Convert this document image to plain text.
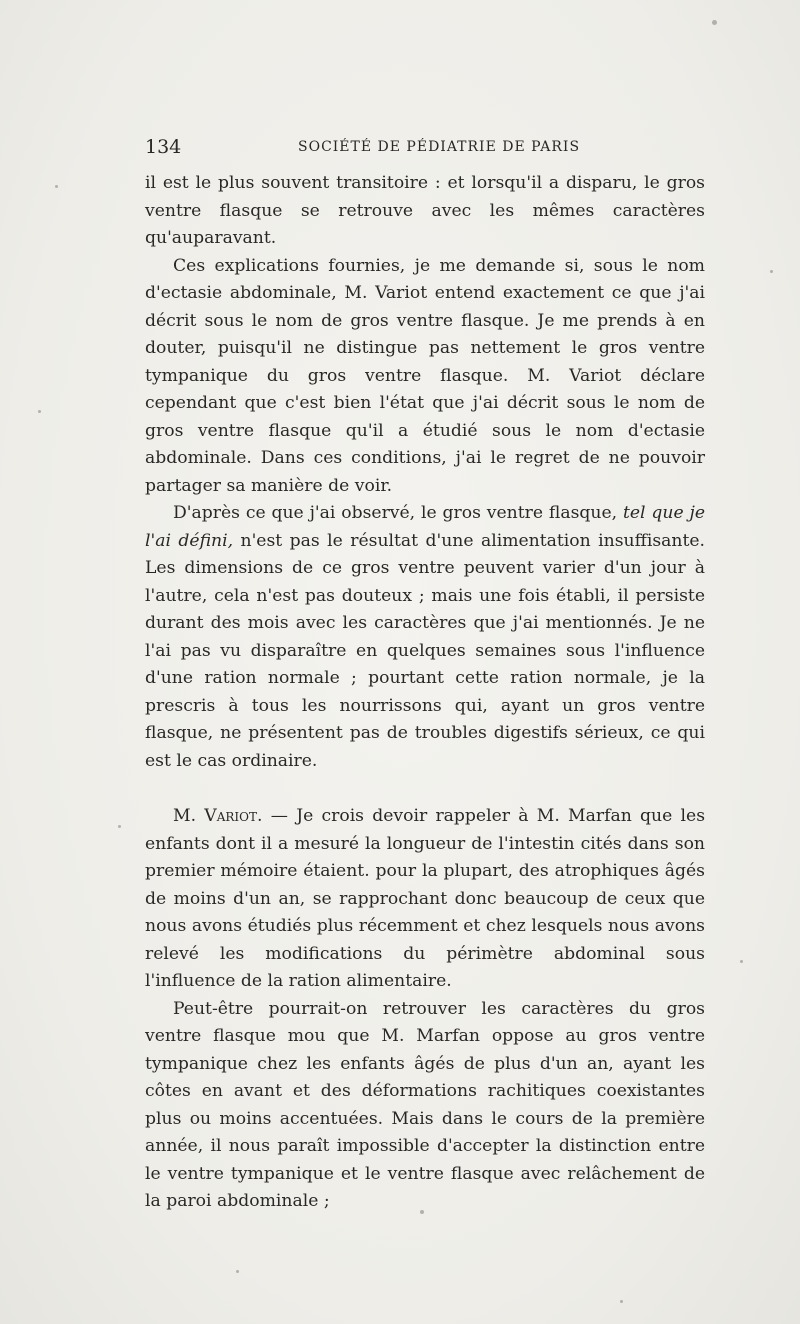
134	SOCIÉTÉ DE PÉDIATRIE DE PARIS

il est le plus souvent transitoire : et lorsqu'il a disparu, le gros ventre flasque se retrouve avec les mêmes caractères qu'auparavant.

Ces explications fournies, je me demande si, sous le nom d'ectasie abdominale, M. Variot entend exactement ce que j'ai décrit sous le nom de gros ventre flasque. Je me prends à en douter, puisqu'il ne distingue pas nettement le gros ventre tympanique du gros ventre flasque. M. Variot déclare cependant que c'est bien l'état que j'ai décrit sous le nom de gros ventre flasque qu'il a étudié sous le nom d'ectasie abdominale. Dans ces conditions, j'ai le regret de ne pouvoir partager sa manière de voir.

D'après ce que j'ai observé, le gros ventre flasque, tel que je l'ai défini, n'est pas le résultat d'une alimentation insuffisante. Les dimensions de ce gros ventre peuvent varier d'un jour à l'autre, cela n'est pas douteux ; mais une fois établi, il persiste durant des mois avec les caractères que j'ai mentionnés. Je ne l'ai pas vu disparaître en quelques semaines sous l'influence d'une ration normale ; pourtant cette ration normale, je la prescris à tous les nourrissons qui, ayant un gros ventre flasque, ne présentent pas de troubles digestifs sérieux, ce qui est le cas ordinaire.

M. Variot. — Je crois devoir rappeler à M. Marfan que les enfants dont il a mesuré la longueur de l'intestin cités dans son premier mémoire étaient. pour la plupart, des atrophiques âgés de moins d'un an, se rapprochant donc beaucoup de ceux que nous avons étudiés plus récemment et chez lesquels nous avons relevé les modifications du périmètre abdominal sous l'influence de la ration alimentaire.

Peut-être pourrait-on retrouver les caractères du gros ventre flasque mou que M. Marfan oppose au gros ventre tympanique chez les enfants âgés de plus d'un an, ayant les côtes en avant et des déformations rachitiques coexistantes plus ou moins accentuées. Mais dans le cours de la première année, il nous paraît impossible d'accepter la distinction entre le ventre tympanique et le ventre flasque avec relâchement de la paroi abdominale ;
